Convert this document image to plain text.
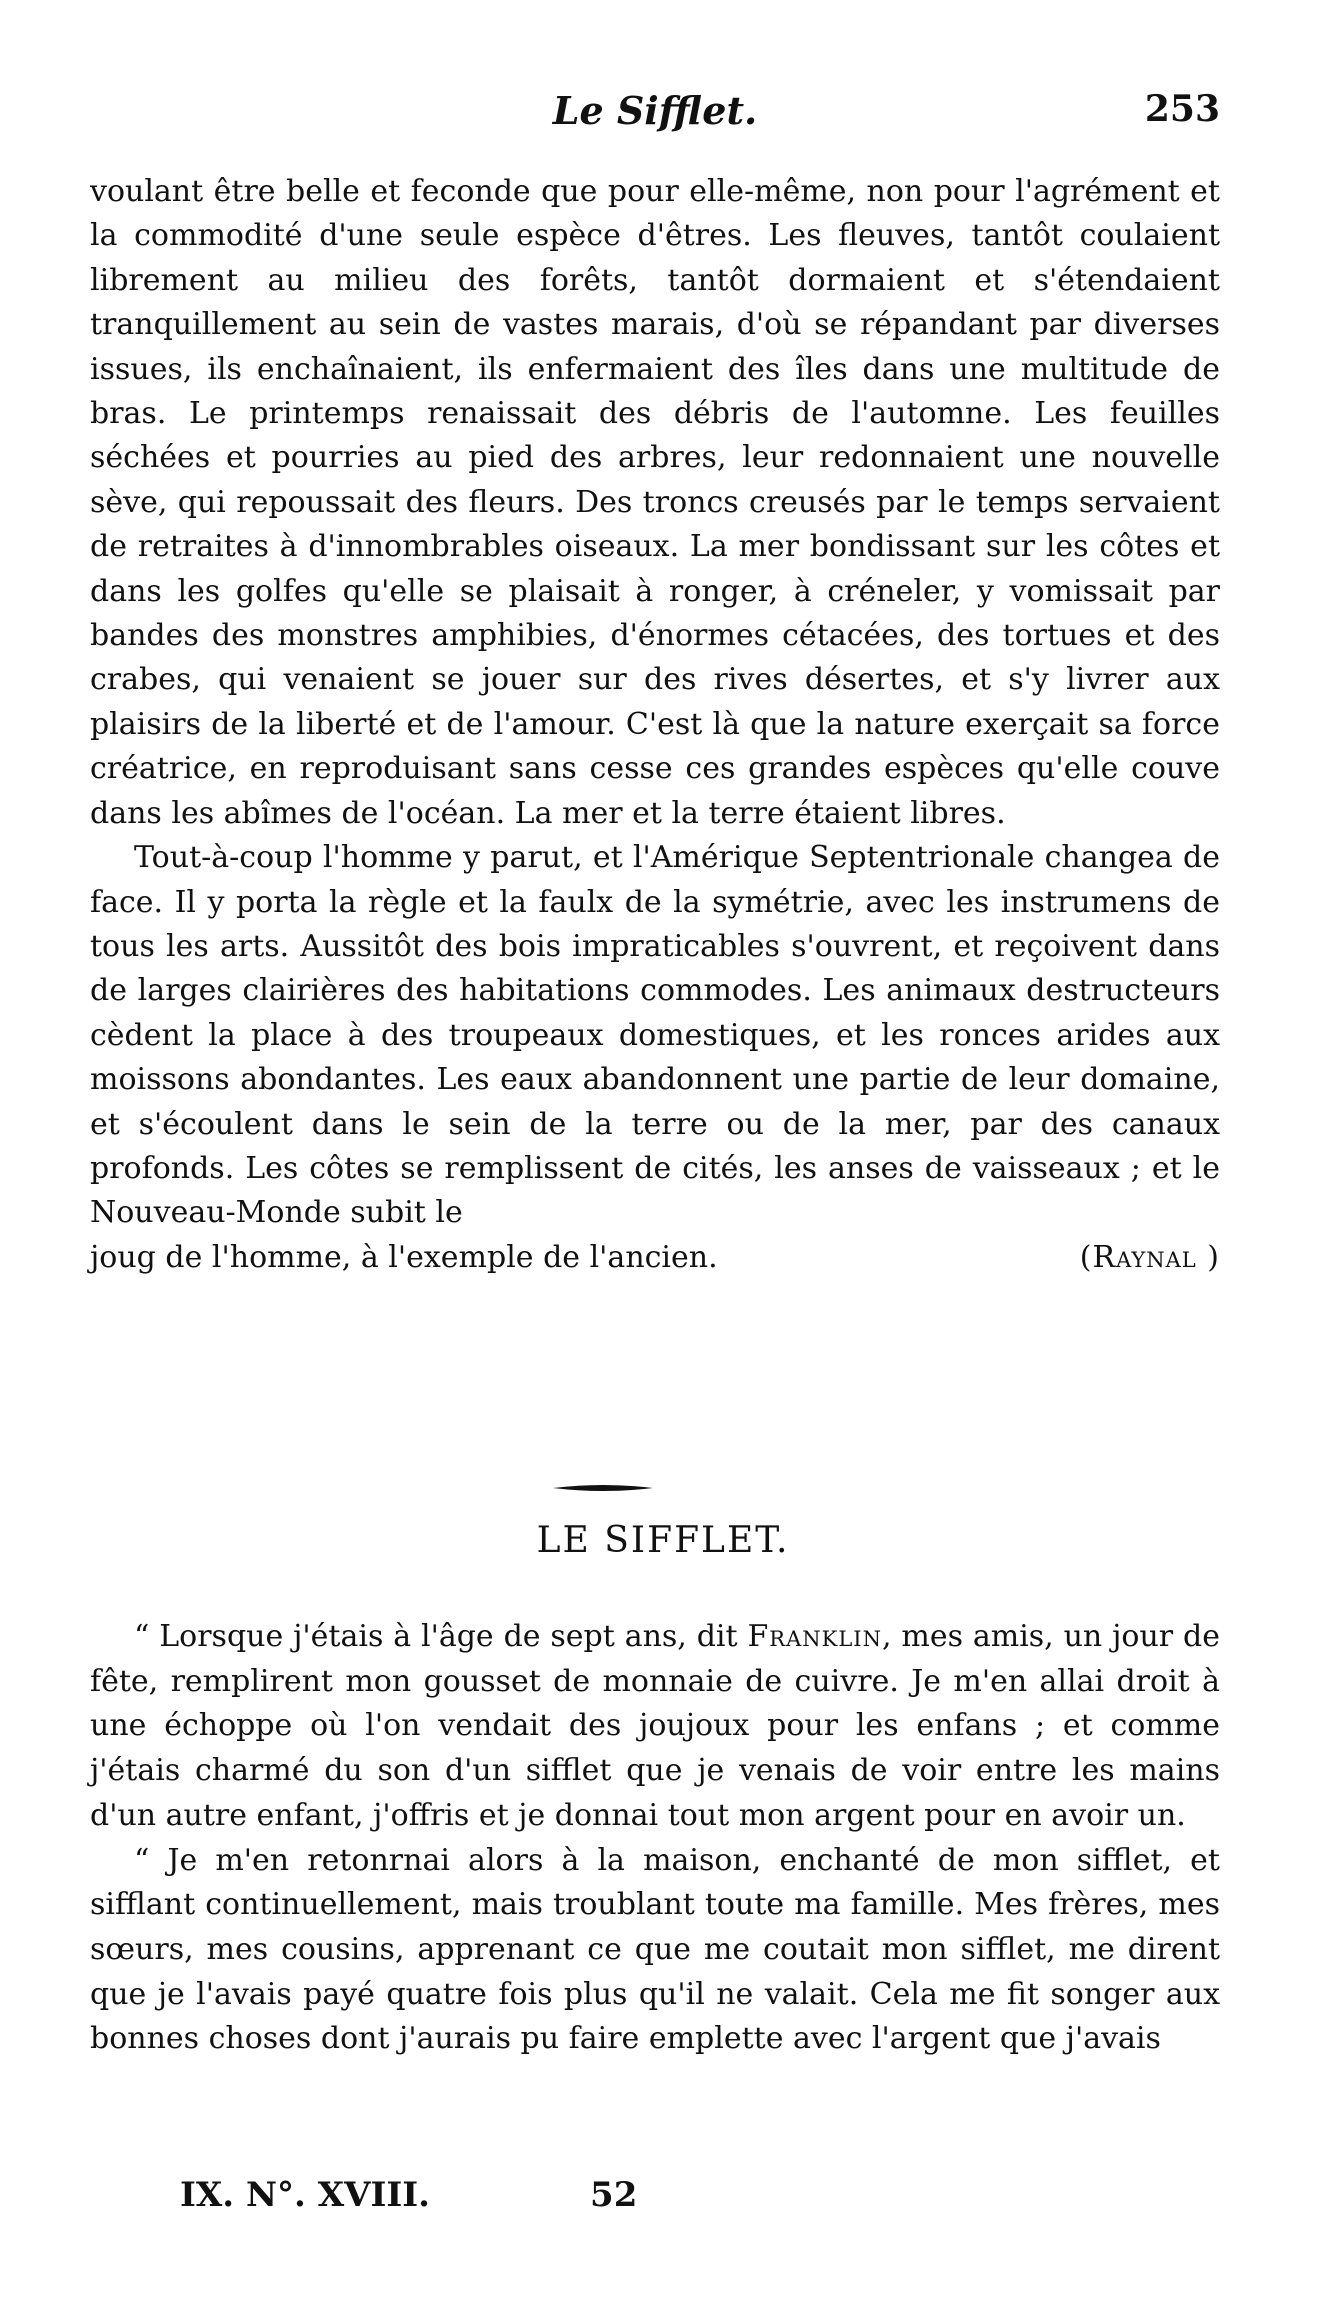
Le Sifflet.	253

voulant être belle et feconde que pour elle-même, non pour l'agrément et la commodité d'une seule espèce d'êtres. Les fleuves, tantôt coulaient librement au milieu des forêts, tantôt dormaient et s'étendaient tranquillement au sein de vastes marais, d'où se répandant par diverses issues, ils enchaînaient, ils enfermaient des îles dans une multitude de bras. Le printemps renaissait des débris de l'automne. Les feuilles séchées et pourries au pied des arbres, leur redonnaient une nouvelle sève, qui repoussait des fleurs. Des troncs creusés par le temps servaient de retraites à d'innombrables oiseaux. La mer bondissant sur les côtes et dans les golfes qu'elle se plaisait à ronger, à créneler, y vomissait par bandes des monstres amphibies, d'énormes cétacées, des tortues et des crabes, qui venaient se jouer sur des rives désertes, et s'y livrer aux plaisirs de la liberté et de l'amour. C'est là que la nature exerçait sa force créatrice, en reproduisant sans cesse ces grandes espèces qu'elle couve dans les abîmes de l'océan. La mer et la terre étaient libres.

Tout-à-coup l'homme y parut, et l'Amérique Septentrionale changea de face. Il y porta la règle et la faulx de la symétrie, avec les instrumens de tous les arts. Aussitôt des bois impraticables s'ouvrent, et reçoivent dans de larges clairières des habitations commodes. Les animaux destructeurs cèdent la place à des troupeaux domestiques, et les ronces arides aux moissons abondantes. Les eaux abandonnent une partie de leur domaine, et s'écoulent dans le sein de la terre ou de la mer, par des canaux profonds. Les côtes se remplissent de cités, les anses de vaisseaux ; et le Nouveau-Monde subit le

joug de l'homme, à l'exemple de l'ancien.	(Raynal )
LE SIFFLET.

“ Lorsque j'étais à l'âge de sept ans, dit Franklin, mes amis, un jour de fête, remplirent mon gousset de monnaie de cuivre. Je m'en allai droit à une échoppe où l'on vendait des joujoux pour les enfans ; et comme j'étais charmé du son d'un sifflet que je venais de voir entre les mains d'un autre enfant, j'offris et je donnai tout mon argent pour en avoir un.

“ Je m'en retonrnai alors à la maison, enchanté de mon sifflet, et sifflant continuellement, mais troublant toute ma famille. Mes frères, mes sœurs, mes cousins, apprenant ce que me coutait mon sifflet, me dirent que je l'avais payé quatre fois plus qu'il ne valait. Cela me fit songer aux bonnes choses dont j'aurais pu faire emplette avec l'argent que j'avais

IX. N°. XVIII.	52
